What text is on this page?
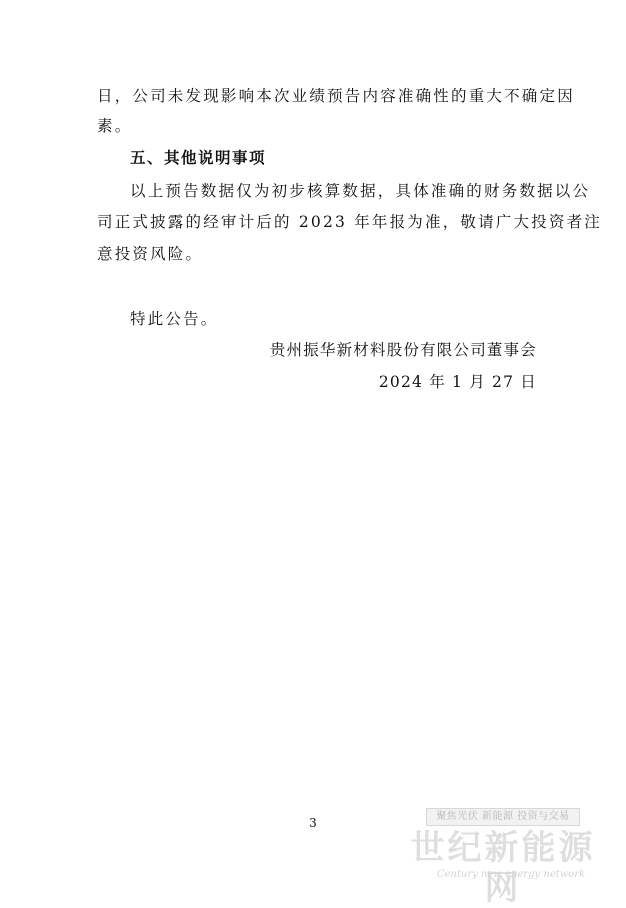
日，公司未发现影响本次业绩预告内容准确性的重大不确定因
素。
五、其他说明事项
以上预告数据仅为初步核算数据，具体准确的财务数据以公
司正式披露的经审计后的 2023 年年报为准，敬请广大投资者注
意投资风险。
特此公告。
贵州振华新材料股份有限公司董事会
2024 年 1 月 27 日
3	聚焦光伏 新能源 投资与交易
世纪新能源网
Century new energy network
